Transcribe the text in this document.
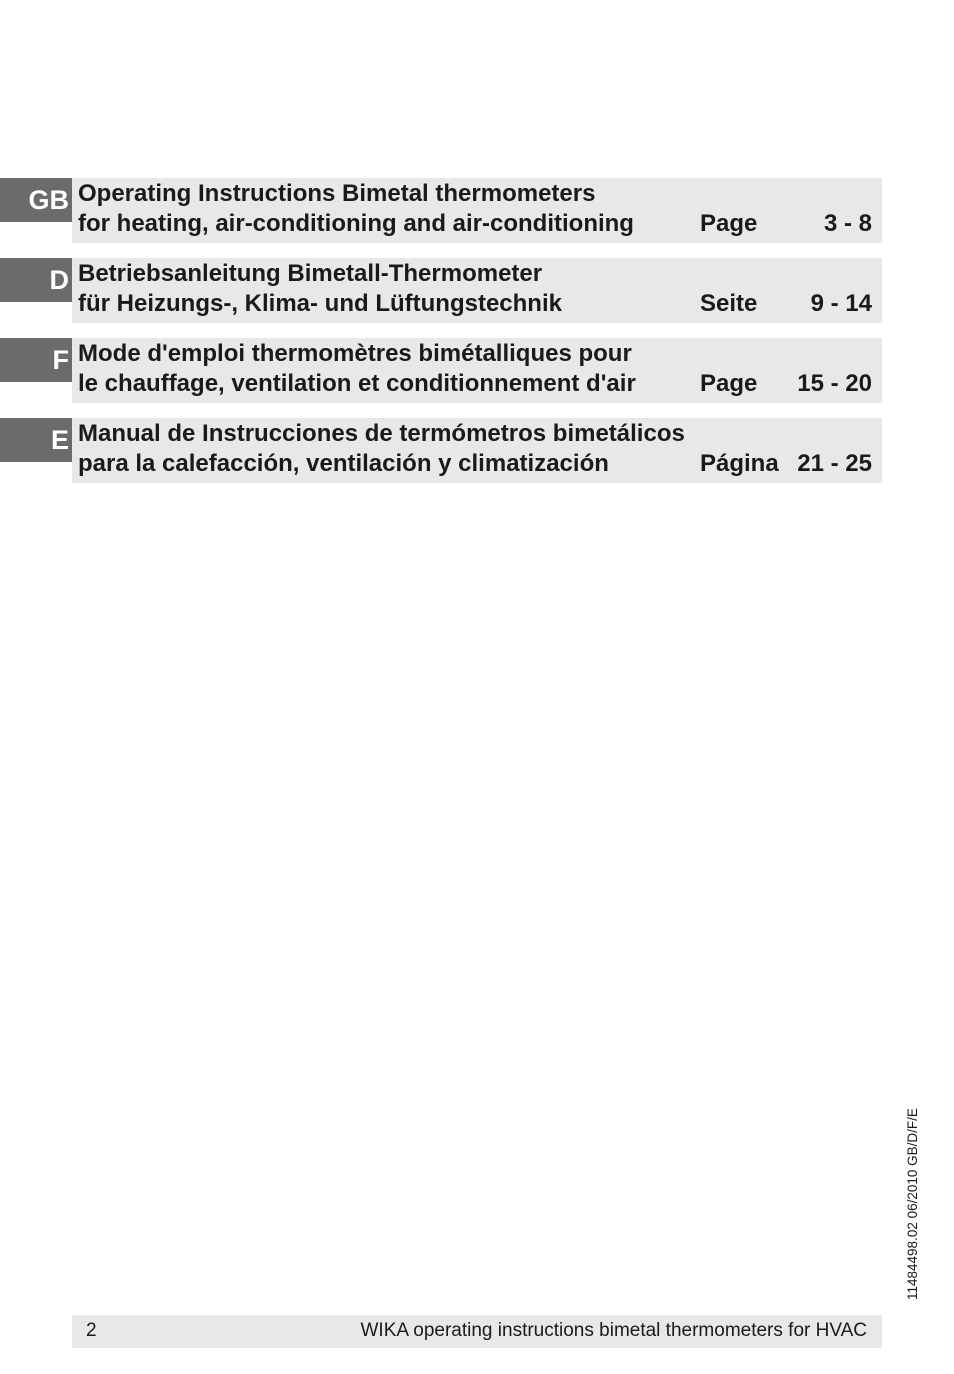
GB Operating Instructions Bimetal thermometers
for heating, air-conditioning and air-conditioning	Page	3 - 8
D Betriebsanleitung Bimetall-Thermometer
für Heizungs-, Klima- und Lüftungstechnik	Seite 9 - 14
F Mode d'emploi thermomètres bimétalliques pour
le chauffage, ventilation et conditionnement d'air	Page 15 - 20
E Manual de Instrucciones de termómetros bimetálicos
para la calefacción, ventilación y climatización	Página 21 - 25
11484498.02 06/2010 GB/D/F/E
2	WIKA operating instructions bimetal thermometers for HVAC
